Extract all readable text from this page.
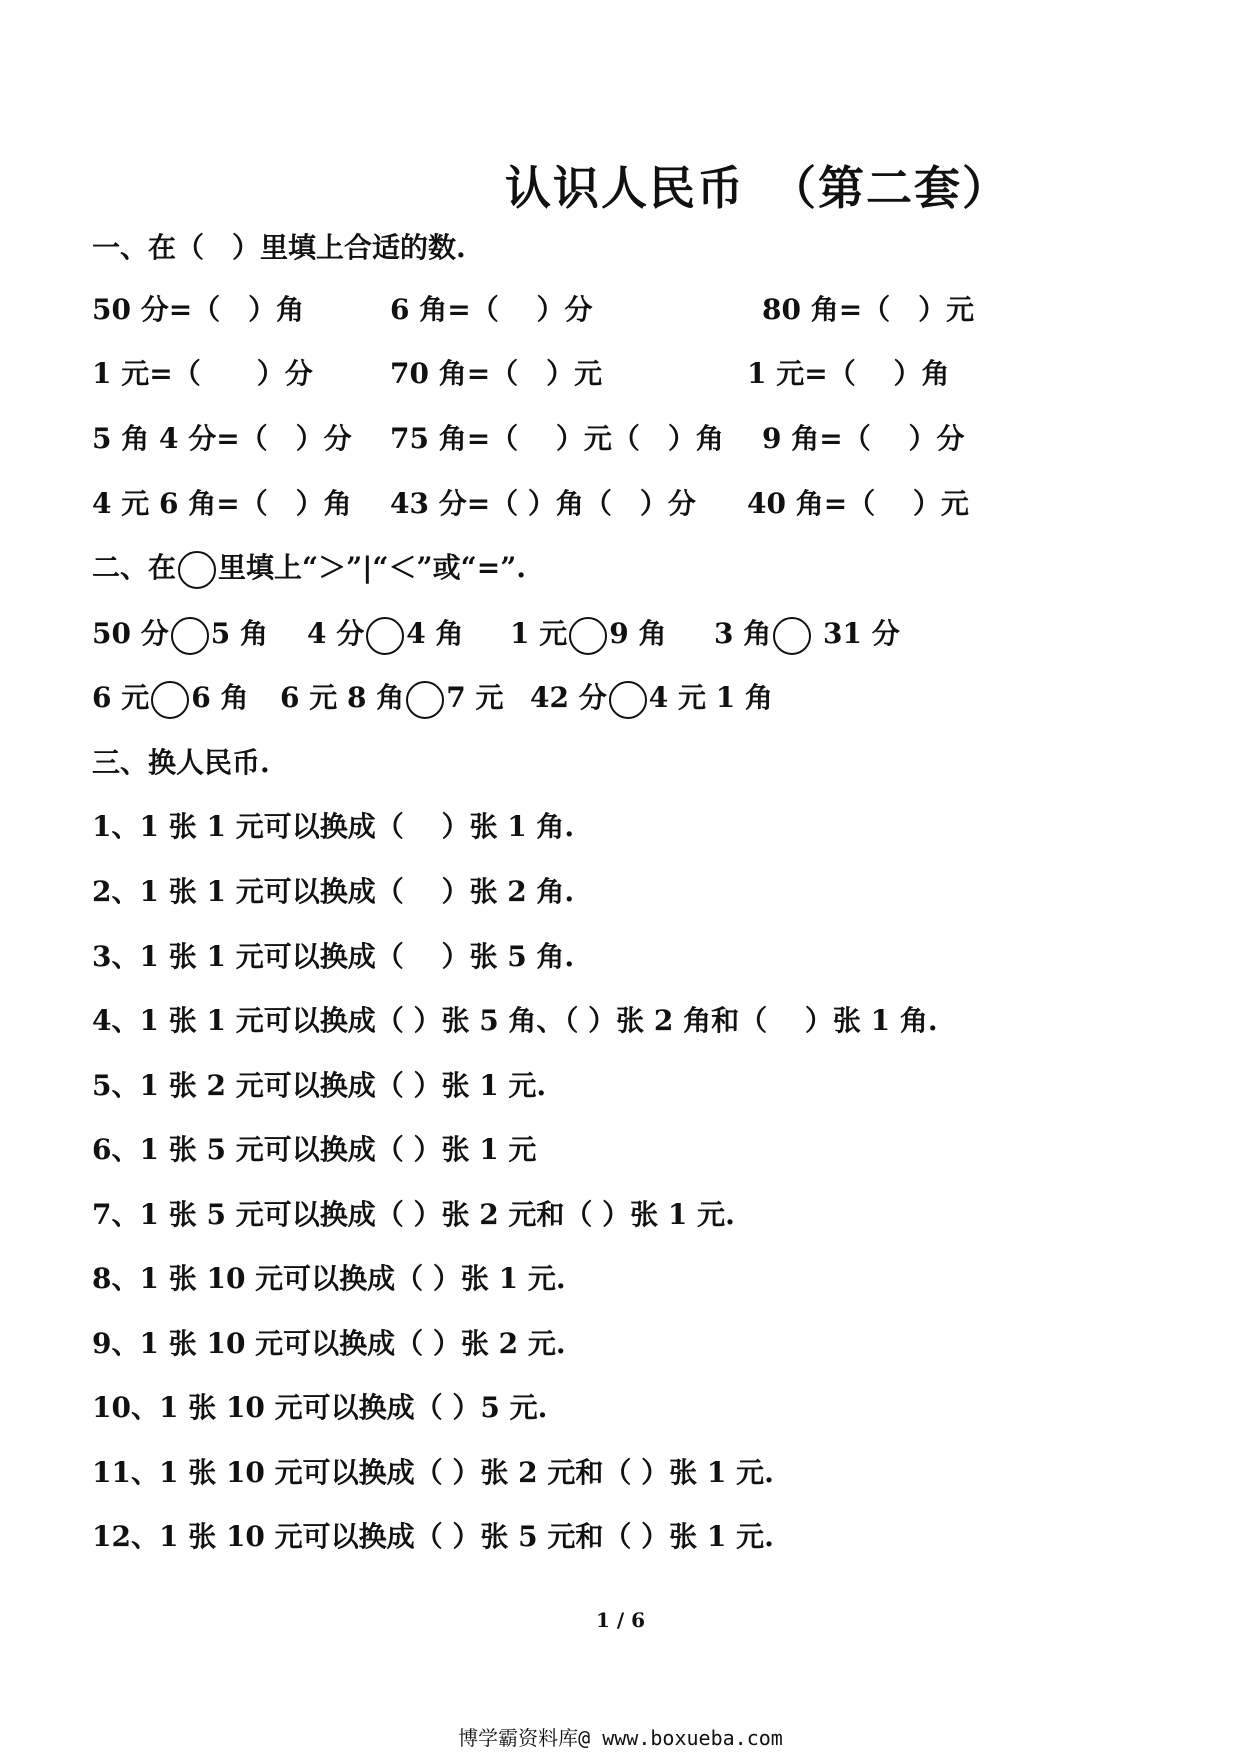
认识人民币　（第二套）
一、在（　）里填上合适的数.
50 分=（　）角	6 角=（　 ）分	80 角=（　）元
1 元=（　　）分	70 角=（　）元	1 元=（　 ）角
5 角 4 分=（　）分 75 角=（　 ）元（　）角 9 角=（　 ）分
4 元 6 角=（　）角 43 分=（ ）角（　）分 40 角=（　 ）元
二、在 里填上“＞”|“＜”或“=”.
50 分 5 角 4 分 4 角 1 元 9 角 3 角 31 分
6 元 6 角 6 元 8 角 7 元 42 分 4 元 1 角
三、换人民币.
1、1 张 1 元可以换成（　 ）张 1 角.
2、1 张 1 元可以换成（　 ）张 2 角.
3、1 张 1 元可以换成（　 ）张 5 角.
4、1 张 1 元可以换成（ ）张 5 角、（ ）张 2 角和（　 ）张 1 角.
5、1 张 2 元可以换成（ ）张 1 元.
6、1 张 5 元可以换成（ ）张 1 元
7、1 张 5 元可以换成（ ）张 2 元和（ ）张 1 元.
8、1 张 10 元可以换成（ ）张 1 元.
9、1 张 10 元可以换成（ ）张 2 元.
10、1 张 10 元可以换成（ ）5 元.
11、1 张 10 元可以换成（ ）张 2 元和（ ）张 1 元.
12、1 张 10 元可以换成（ ）张 5 元和（ ）张 1 元.
1 / 6
博学霸资料库@ www.boxueba.com
